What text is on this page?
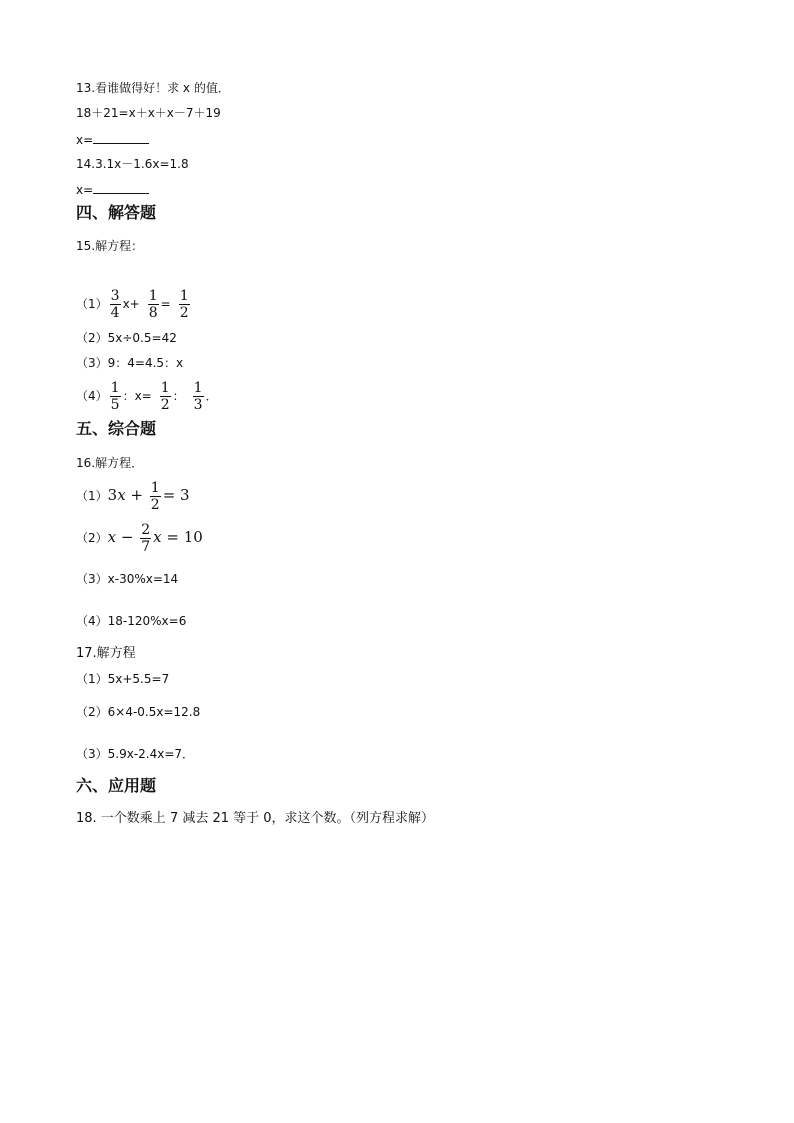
13.看谁做得好！求 x 的值．
18＋21=x＋x＋x－7＋19
x=
14.3.1x－1.6x=1.8
x=
四、解答题
15.解方程：
$(1) \frac{3}{4} x+ \frac{1}{8} = \frac{1}{2}$
（2）5x÷0.5=42
（3）9：4=4.5：x
$(4) \frac{1}{5}$ ：$x= \frac{1}{2}$ ： $\frac{1}{3}$ ．
五、综合题
16.解方程．
$(1)3x + \frac{1}{2} = 3$
$(2)x - \frac{2}{7}$ x = 10
（3）x-30%x=14
（4）18-120%x=6
17.解方程
（1）5x+5.5=7
（2）6×4-0.5x=12.8
（3）5.9x-2.4x=7．
六、应用题
18. 一个数乘上 7 减去 21 等于 0，求这个数。（列方程求解）
